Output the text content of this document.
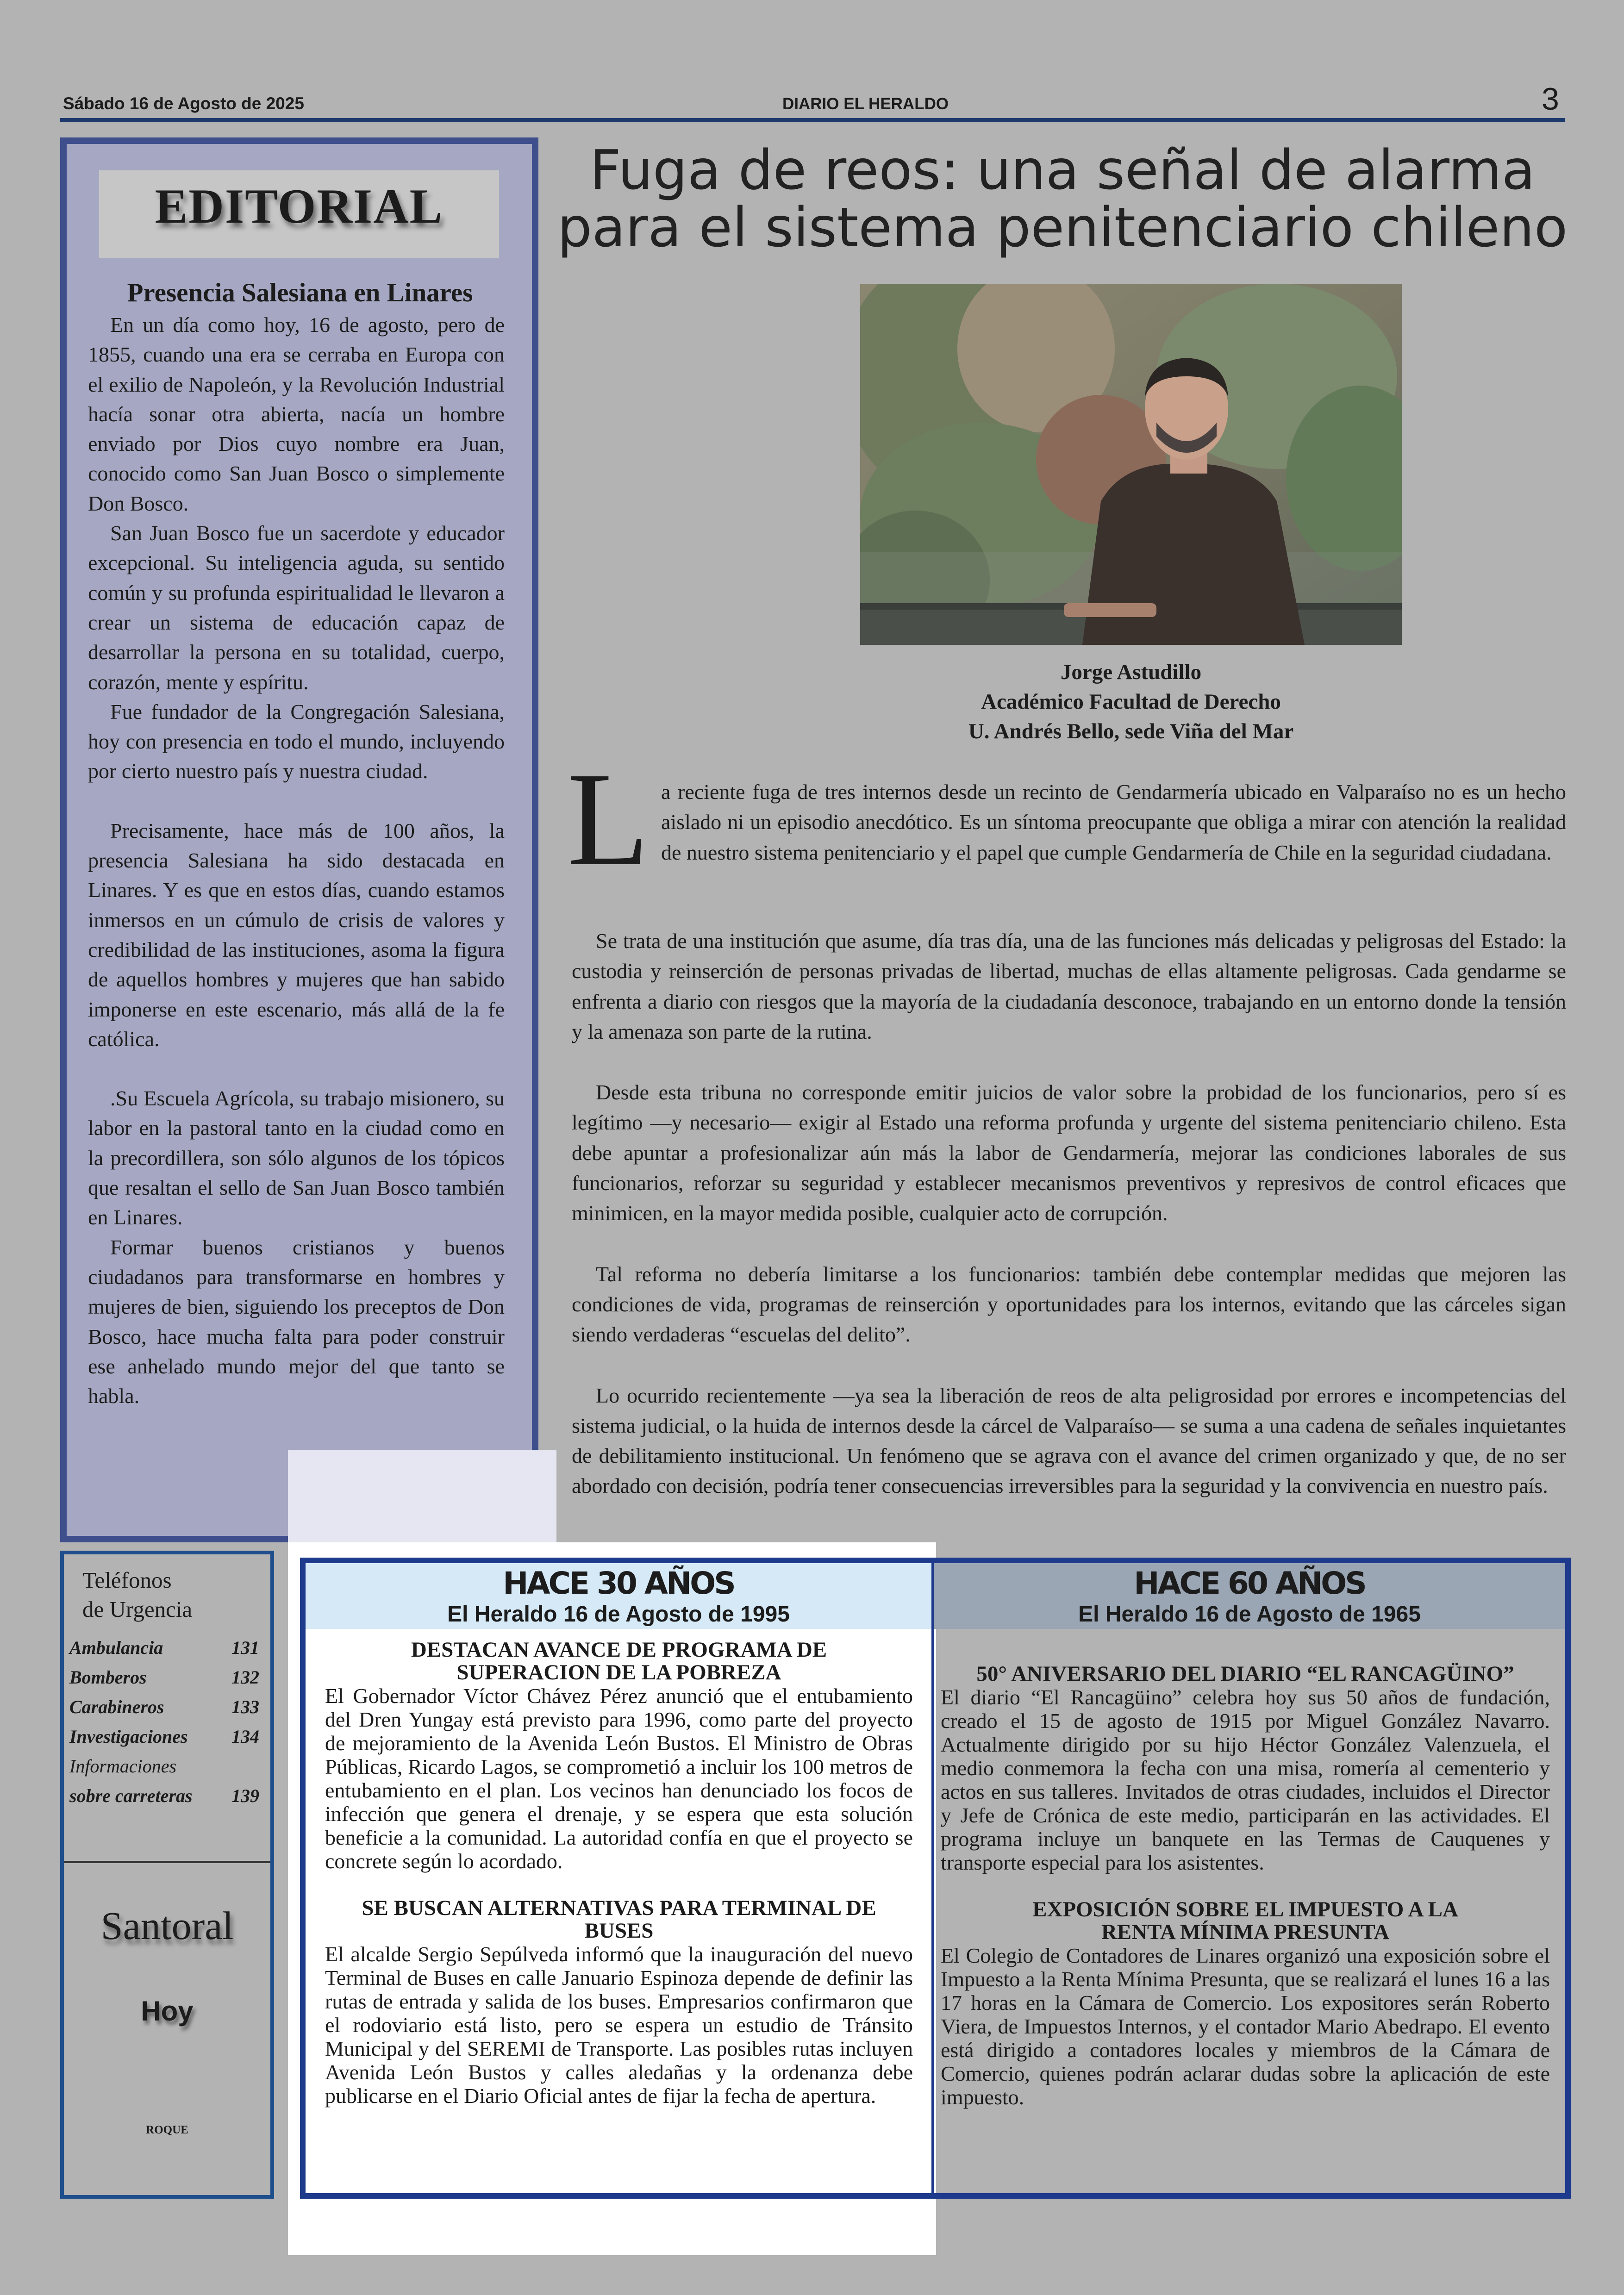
Sábado 16 de Agosto de 2025	DIARIO EL HERALDO	3
EDITORIAL
Presencia Salesiana en Linares

En un día como hoy, 16 de agosto, pero de 1855, cuando una era se cerraba en Europa con el exilio de Napoleón, y la Revolución Industrial hacía sonar otra abierta, nacía un hombre enviado por Dios cuyo nombre era Juan, conocido como San Juan Bosco o simplemente Don Bosco.

San Juan Bosco fue un sacerdote y educador excepcional. Su inteligencia aguda, su sentido común y su profunda espiritualidad le llevaron a crear un sistema de educación capaz de desarrollar la persona en su totalidad, cuerpo, corazón, mente y espíritu.

Fue fundador de la Congregación Salesiana, hoy con presencia en todo el mundo, incluyendo por cierto nuestro país y nuestra ciudad.

Precisamente, hace más de 100 años, la presencia Salesiana ha sido destacada en Linares. Y es que en estos días, cuando estamos inmersos en un cúmulo de crisis de valores y credibilidad de las instituciones, asoma la figura de aquellos hombres y mujeres que han sabido imponerse en este escenario, más allá de la fe católica.

.Su Escuela Agrícola, su trabajo misionero, su labor en la pastoral tanto en la ciudad como en la precordillera, son sólo algunos de los tópicos que resaltan el sello de San Juan Bosco también en Linares.

Formar buenos cristianos y buenos ciudadanos para transformarse en hombres y mujeres de bien, siguiendo los preceptos de Don Bosco, hace mucha falta para poder construir ese anhelado mundo mejor del que tanto se habla.

Fuga de reos: una señal de alarma
para el sistema penitenciario chileno
Jorge Astudillo
Académico Facultad de Derecho
U. Andrés Bello, sede Viña del Mar
L a reciente fuga de tres internos desde un recinto de Gendarmería ubicado en Valparaíso no es un hecho aislado ni un episodio anecdótico. Es un síntoma preocupante que obliga a mirar con atención la realidad de nuestro sistema penitenciario y el papel que cumple Gendarmería de Chile en la seguridad ciudadana.

Se trata de una institución que asume, día tras día, una de las funciones más delicadas y peligrosas del Estado: la custodia y reinserción de personas privadas de libertad, muchas de ellas altamente peligrosas. Cada gendarme se enfrenta a diario con riesgos que la mayoría de la ciudadanía desconoce, trabajando en un entorno donde la tensión y la amenaza son parte de la rutina.

Desde esta tribuna no corresponde emitir juicios de valor sobre la probidad de los funcionarios, pero sí es legítimo —y necesario— exigir al Estado una reforma profunda y urgente del sistema penitenciario chileno. Esta debe apuntar a profesionalizar aún más la labor de Gendarmería, mejorar las condiciones laborales de sus funcionarios, reforzar su seguridad y establecer mecanismos preventivos y represivos de control eficaces que minimicen, en la mayor medida posible, cualquier acto de corrupción.

Tal reforma no debería limitarse a los funcionarios: también debe contemplar medidas que mejoren las condiciones de vida, programas de reinserción y oportunidades para los internos, evitando que las cárceles sigan siendo verdaderas “escuelas del delito”.

Lo ocurrido recientemente —ya sea la liberación de reos de alta peligrosidad por errores e incompetencias del sistema judicial, o la huida de internos desde la cárcel de Valparaíso— se suma a una cadena de señales inquietantes de debilitamiento institucional. Un fenómeno que se agrava con el avance del crimen organizado y que, de no ser abordado con decisión, podría tener consecuencias irreversibles para la seguridad y la convivencia en nuestro país.

Teléfonos
de Urgencia
Ambulancia	131
Bomberos	132
Carabineros	133
Investigaciones 134
Informaciones
sobre carreteras 139
Santoral
Hoy
ROQUE
HACE 30 AÑOS
El Heraldo 16 de Agosto de 1995
DESTACAN AVANCE DE PROGRAMA DE SUPERACION DE LA POBREZA
El Gobernador Víctor Chávez Pérez anunció que el entubamiento del Dren Yungay está previsto para 1996, como parte del proyecto de mejoramiento de la Avenida León Bustos. El Ministro de Obras Públicas, Ricardo Lagos, se comprometió a incluir los 100 metros de entubamiento en el plan. Los vecinos han denunciado los focos de infección que genera el drenaje, y se espera que esta solución beneficie a la comunidad. La autoridad confía en que el proyecto se concrete según lo acordado.
SE BUSCAN ALTERNATIVAS PARA TERMINAL DE BUSES
El alcalde Sergio Sepúlveda informó que la inauguración del nuevo Terminal de Buses en calle Januario Espinoza depende de definir las rutas de entrada y salida de los buses. Empresarios confirmaron que el rodoviario está listo, pero se espera un estudio de Tránsito Municipal y del SEREMI de Transporte. Las posibles rutas incluyen Avenida León Bustos y calles aledañas y la ordenanza debe publicarse en el Diario Oficial antes de fijar la fecha de apertura.
HACE 60 AÑOS
El Heraldo 16 de Agosto de 1965
50° ANIVERSARIO DEL DIARIO “EL RANCAGÜINO”
El diario “El Rancagüino” celebra hoy sus 50 años de fundación, creado el 15 de agosto de 1915 por Miguel González Navarro. Actualmente dirigido por su hijo Héctor González Valenzuela, el medio conmemora la fecha con una misa, romería al cementerio y actos en sus talleres. Invitados de otras ciudades, incluidos el Director y Jefe de Crónica de este medio, participarán en las actividades. El programa incluye un banquete en las Termas de Cauquenes y transporte especial para los asistentes.
EXPOSICIÓN SOBRE EL IMPUESTO A LA RENTA MÍNIMA PRESUNTA
El Colegio de Contadores de Linares organizó una exposición sobre el Impuesto a la Renta Mínima Presunta, que se realizará el lunes 16 a las 17 horas en la Cámara de Comercio. Los expositores serán Roberto Viera, de Impuestos Internos, y el contador Mario Abedrapo. El evento está dirigido a contadores locales y miembros de la Cámara de Comercio, quienes podrán aclarar dudas sobre la aplicación de este impuesto.
